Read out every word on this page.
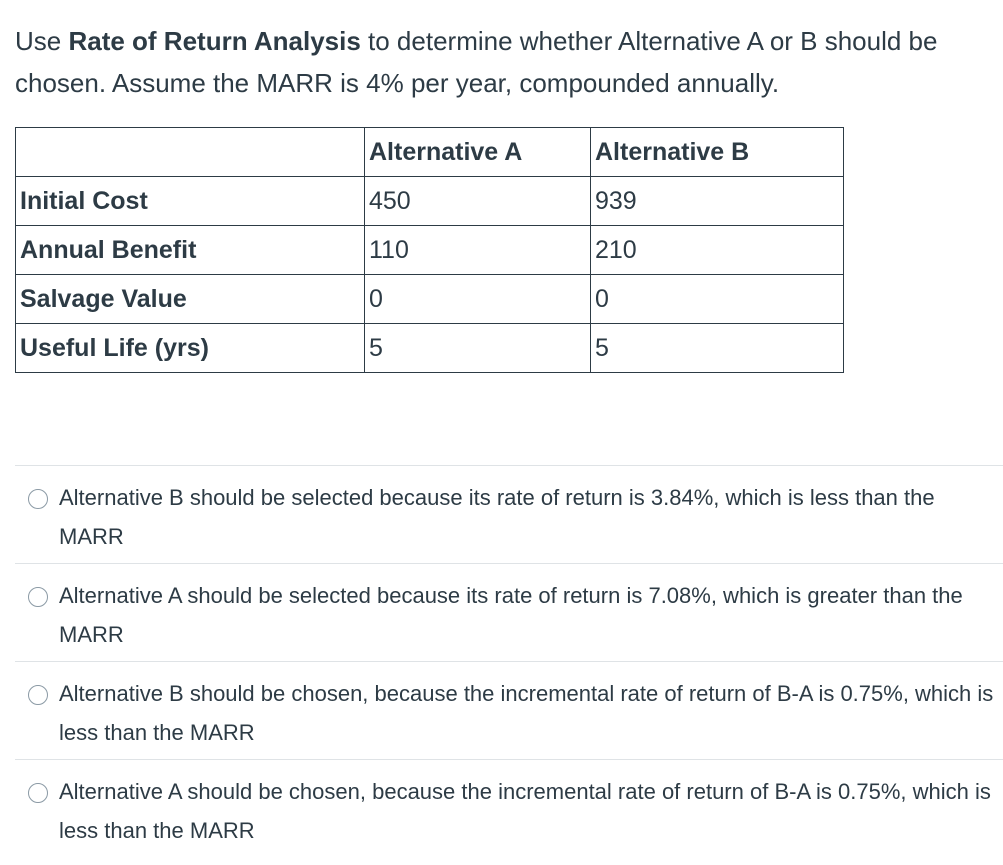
Use Rate of Return Analysis to determine whether Alternative A or B should be chosen. Assume the MARR is 4% per year, compounded annually.
	Alternative A	Alternative B
Initial Cost	450	939
Annual Benefit	110	210
Salvage Value	0	0
Useful Life (yrs)	5	5
Alternative B should be selected because its rate of return is 3.84%, which is less than the MARR
Alternative A should be selected because its rate of return is 7.08%, which is greater than the MARR
Alternative B should be chosen, because the incremental rate of return of B-A is 0.75%, which is less than the MARR
Alternative A should be chosen, because the incremental rate of return of B-A is 0.75%, which is less than the MARR
